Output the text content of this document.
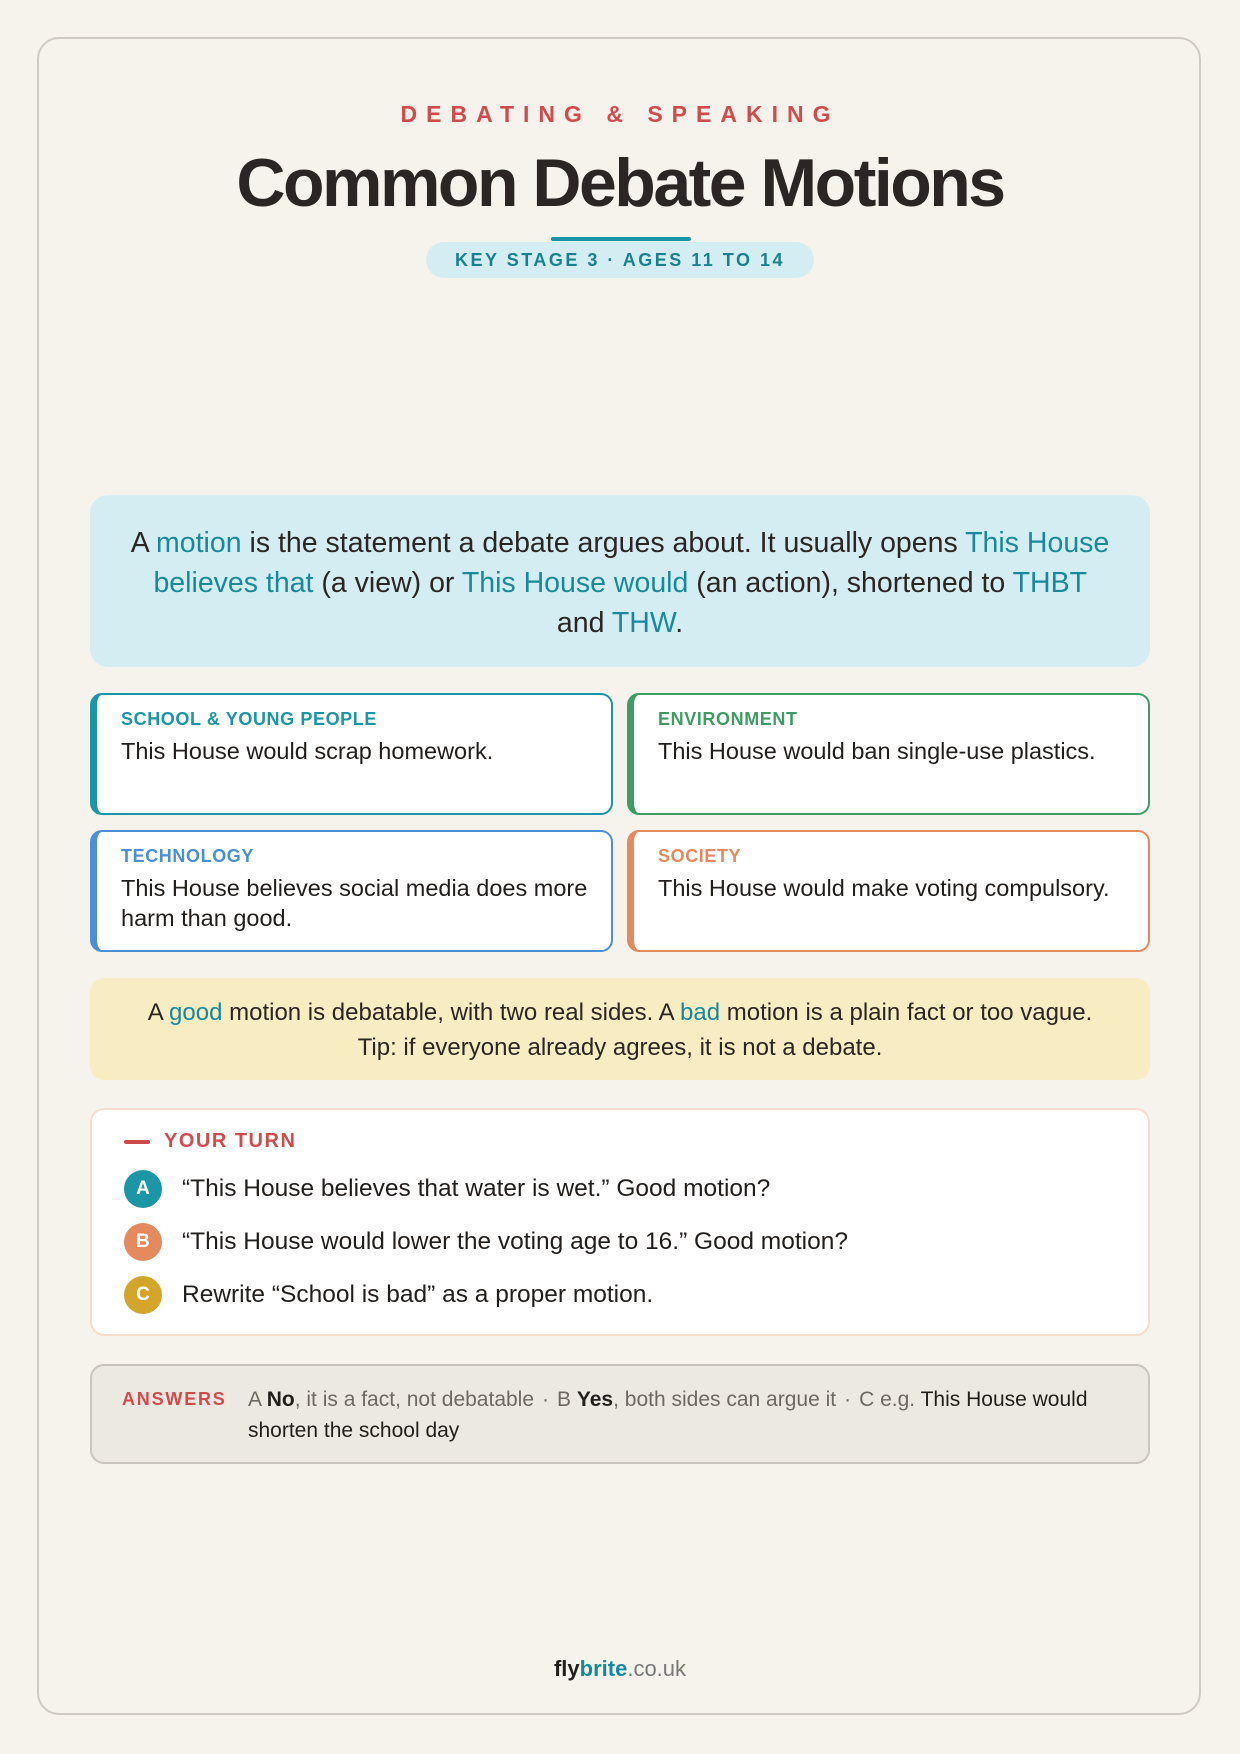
DEBATING & SPEAKING
Common Debate Motions
KEY STAGE 3 · AGES 11 TO 14
A motion is the statement a debate argues about. It usually opens This House believes that (a view) or This House would (an action), shortened to THBT and THW.
SCHOOL & YOUNG PEOPLE
This House would scrap homework.
ENVIRONMENT
This House would ban single-use plastics.
TECHNOLOGY
This House believes social media does more harm than good.
SOCIETY
This House would make voting compulsory.
A good motion is debatable, with two real sides. A bad motion is a plain fact or too vague. Tip: if everyone already agrees, it is not a debate.
YOUR TURN
A “This House believes that water is wet.” Good motion?
B “This House would lower the voting age to 16.” Good motion?
C Rewrite “School is bad” as a proper motion.
ANSWERS	A No, it is a fact, not debatable · B Yes, both sides can argue it · C e.g. This House would shorten the school day
flybrite.co.uk
